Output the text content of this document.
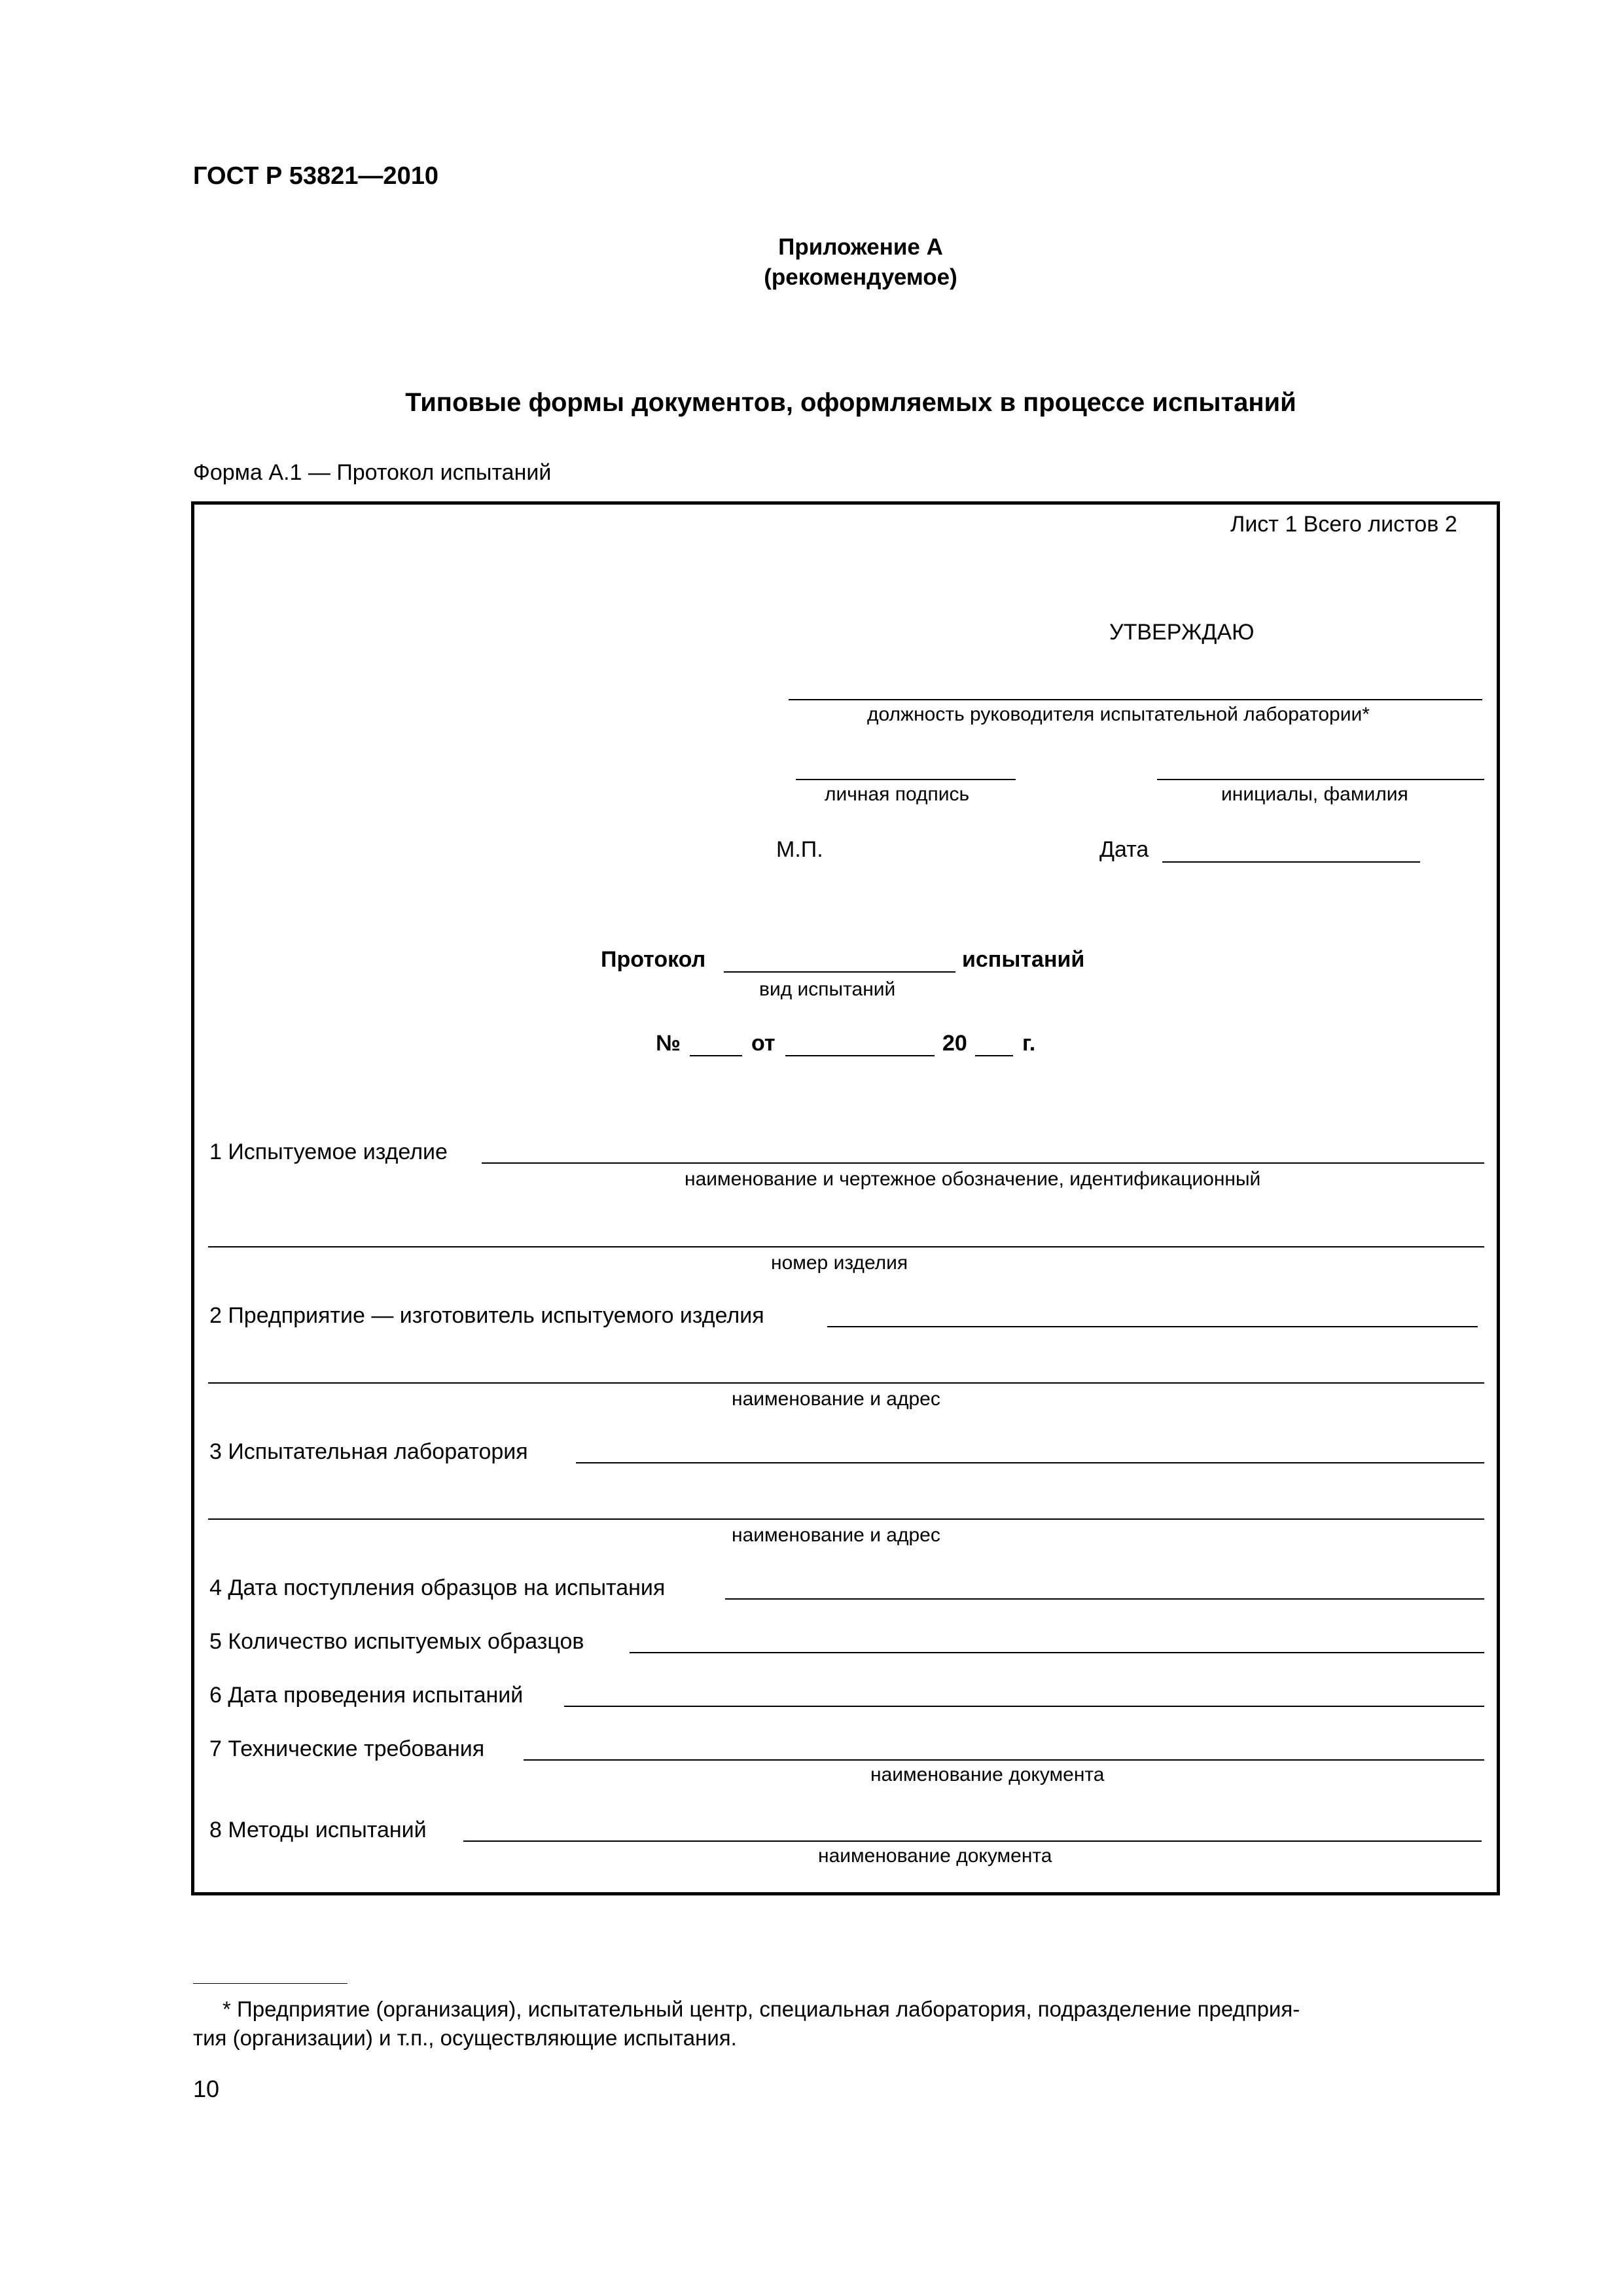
ГОСТ Р 53821—2010
Приложение А
(рекомендуемое)
Типовые формы документов, оформляемых в процессе испытаний
Форма А.1 — Протокол испытаний
Лист 1 Всего листов 2
УТВЕРЖДАЮ
должность руководителя испытательной лаборатории*
личная подпись	инициалы, фамилия
М.П.	Дата
Протокол	испытаний
вид испытаний
№	от	20 г.
1 Испытуемое изделие
наименование и чертежное обозначение, идентификационный
номер изделия
2 Предприятие — изготовитель испытуемого изделия
наименование и адрес
3 Испытательная лаборатория
наименование и адрес
4 Дата поступления образцов на испытания
5 Количество испытуемых образцов
6 Дата проведения испытаний
7 Технические требования
наименование документа
8 Методы испытаний
наименование документа
* Предприятие (организация), испытательный центр, специальная лаборатория, подразделение предприя-
тия (организации) и т.п., осуществляющие испытания.
10
